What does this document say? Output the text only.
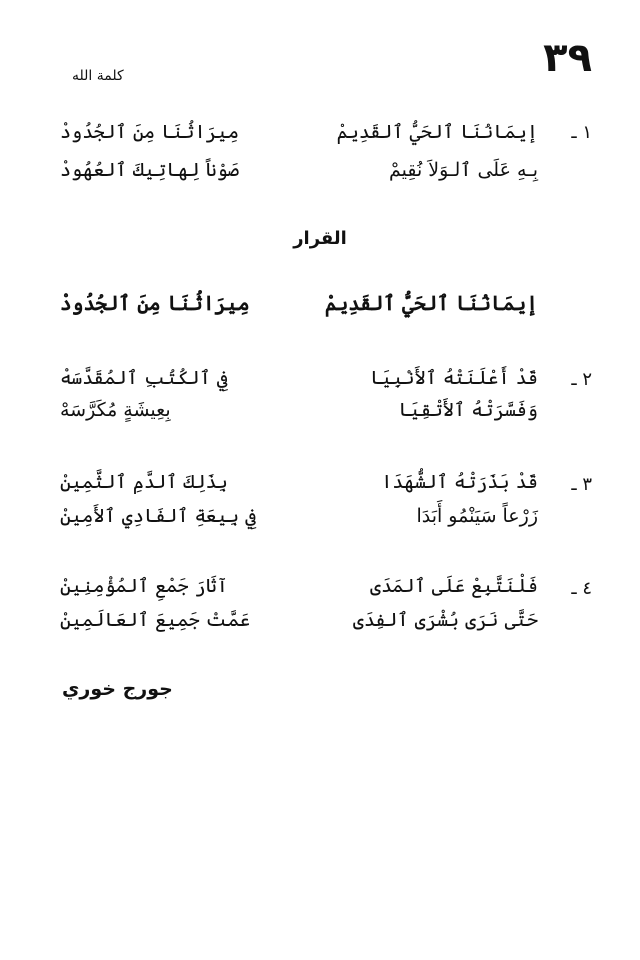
٣٩
كلمة الله
١ ـ
إيمَانُنَا ٱلحَيُّ ٱلقَدِيمْ
مِيرَاثُنَا مِنَ ٱلجُدُودْ
بِـهِ عَلَى ٱلـوَلاَ نُقِيمْ
صَوْناً لِهاتِيكَ ٱلعُهُودْ
القرار
إيمَانُنَا ٱلحَيُّ ٱلقَدِيمْ
مِيرَاثُنَا مِنَ ٱلجُدُودْ
٢ ـ
قَدْ أَعْلَنَتْهُ ٱلأَنْبِيَا
فِي ٱلكُتُبِ ٱلمُقَدَّسَهْ
وَفَسَّرَتْهُ ٱلأَتْقِيَا
بِعِيشَةٍ مُكَرَّسَهْ
٣ ـ
قَدْ بَذَرَتْهُ ٱلشُّهَدَا
بِذَلِكَ ٱلدَّمِ ٱلثَّمِينْ
زَرْعاً سَيَنْمُو أَبَدَا
فِي بِيعَةِ ٱلفَادِي ٱلأَمِينْ
٤ ـ
فَلْنَتَّبِعْ عَلَى ٱلمَدَى
آثَارَ جَمْعِ ٱلمُؤْمِنِينْ
حَتَّى نَرَى بُشْرَى ٱلفِدَى
عَمَّتْ جَمِيعَ ٱلعَالَمِينْ
جورج خوري
